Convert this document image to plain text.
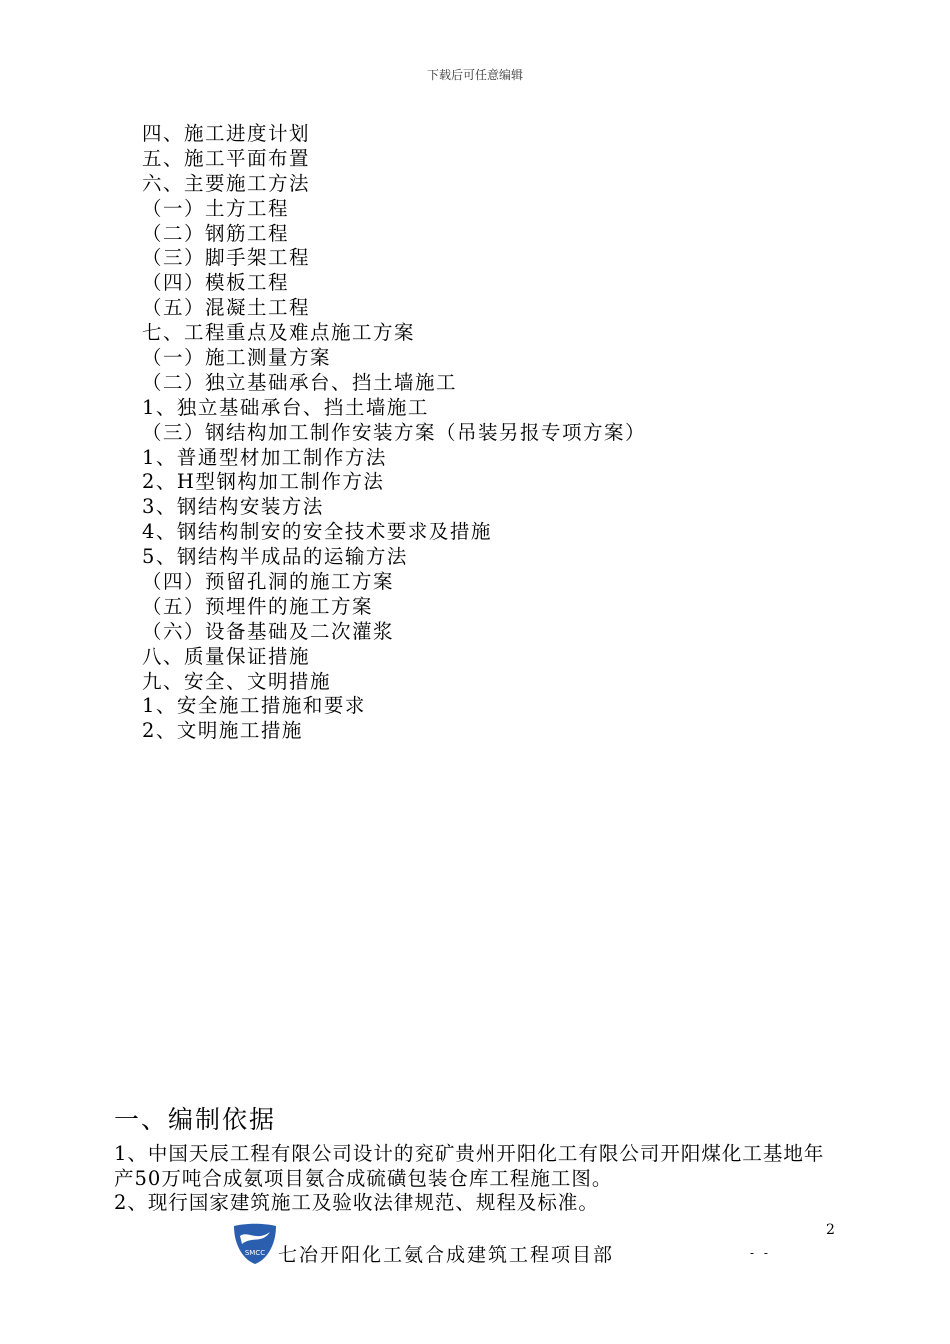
下载后可任意编辑
四、施工进度计划
五、施工平面布置
六、主要施工方法
（一）土方工程
（二）钢筋工程
（三）脚手架工程
（四）模板工程
（五）混凝土工程
七、工程重点及难点施工方案
（一）施工测量方案
（二）独立基础承台、挡土墙施工
1、独立基础承台、挡土墙施工
（三）钢结构加工制作安装方案（吊装另报专项方案）
1、普通型材加工制作方法
2、H型钢构加工制作方法
3、钢结构安装方法
4、钢结构制安的安全技术要求及措施
5、钢结构半成品的运输方法
（四）预留孔洞的施工方案
（五）预埋件的施工方案
（六）设备基础及二次灌浆
八、质量保证措施
九、安全、文明措施
1、安全施工措施和要求
2、文明施工措施
一、编制依据

1、中国天辰工程有限公司设计的兖矿贵州开阳化工有限公司开阳煤化工基地年产50万吨合成氨项目氨合成硫磺包装仓库工程施工图。

2、现行国家建筑施工及验收法律规范、规程及标准。

2
SMCC 七冶开阳化工氨合成建筑工程项目部	- -
